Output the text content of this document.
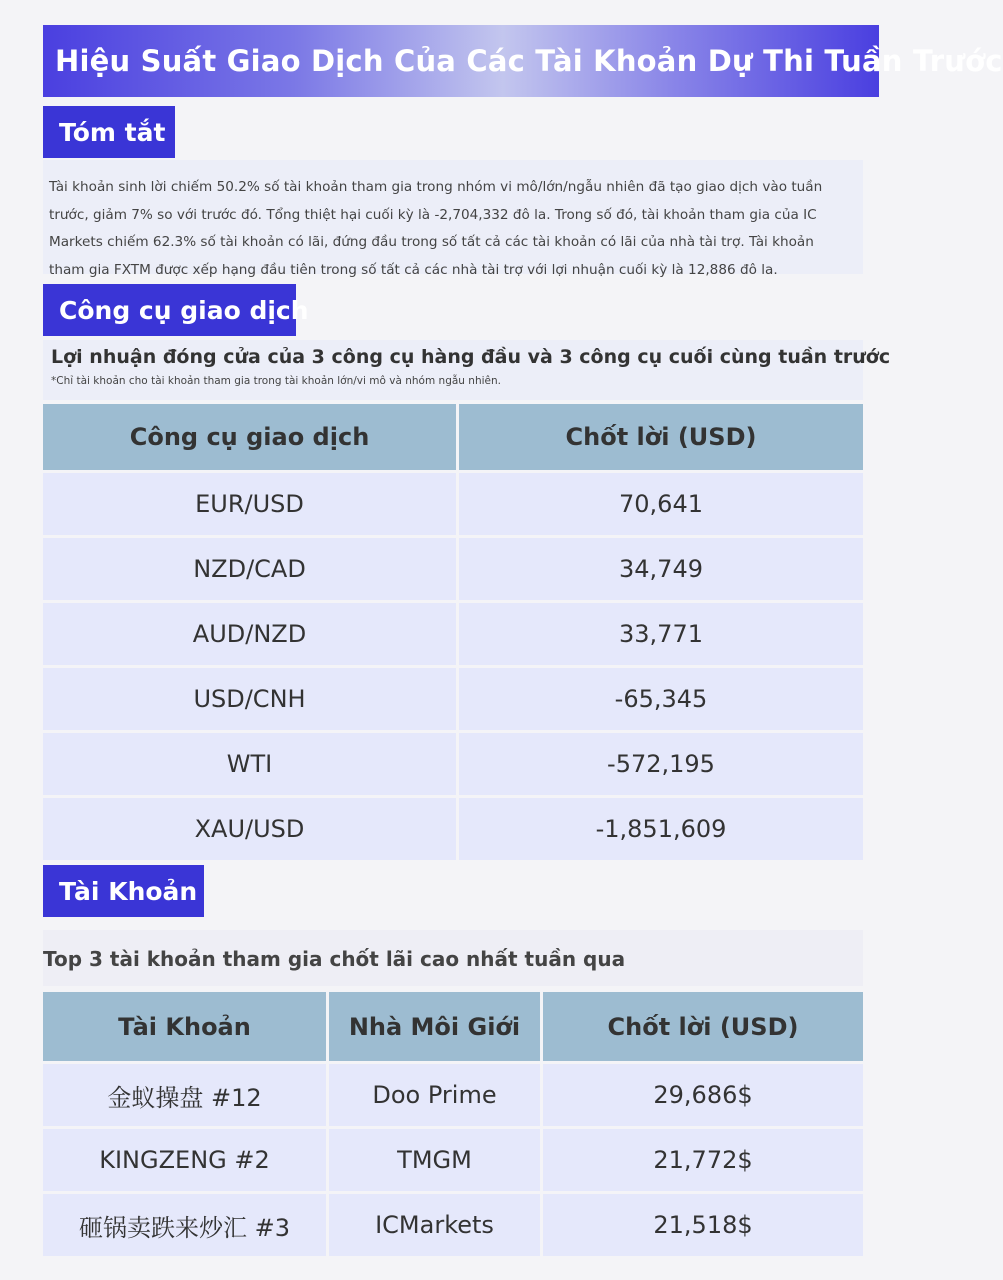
Hiệu Suất Giao Dịch Của Các Tài Khoản Dự Thi Tuần Trước
Tóm tắt
Tài khoản sinh lời chiếm 50.2% số tài khoản tham gia trong nhóm vi mô/lớn/ngẫu nhiên đã tạo giao dịch vào tuần
trước, giảm 7% so với trước đó. Tổng thiệt hại cuối kỳ là -2,704,332 đô la. Trong số đó, tài khoản tham gia của IC
Markets chiếm 62.3% số tài khoản có lãi, đứng đầu trong số tất cả các tài khoản có lãi của nhà tài trợ. Tài khoản
tham gia FXTM được xếp hạng đầu tiên trong số tất cả các nhà tài trợ với lợi nhuận cuối kỳ là 12,886 đô la.
Công cụ giao dịch
Lợi nhuận đóng cửa của 3 công cụ hàng đầu và 3 công cụ cuối cùng tuần trước
*Chỉ tài khoản cho tài khoản tham gia trong tài khoản lớn/vi mô và nhóm ngẫu nhiên.
Công cụ giao dịch	Chốt lời (USD)
EUR/USD	70,641
NZD/CAD	34,749
AUD/NZD	33,771
USD/CNH	-65,345
WTI	-572,195
XAU/USD	-1,851,609
Tài Khoản
Top 3 tài khoản tham gia chốt lãi cao nhất tuần qua
Tài Khoản	Nhà Môi Giới	Chốt lời (USD)
金蚁操盘 #12	Doo Prime	29,686$
KINGZENG #2	TMGM	21,772$
砸锅卖跌来炒汇 #3	ICMarkets	21,518$
